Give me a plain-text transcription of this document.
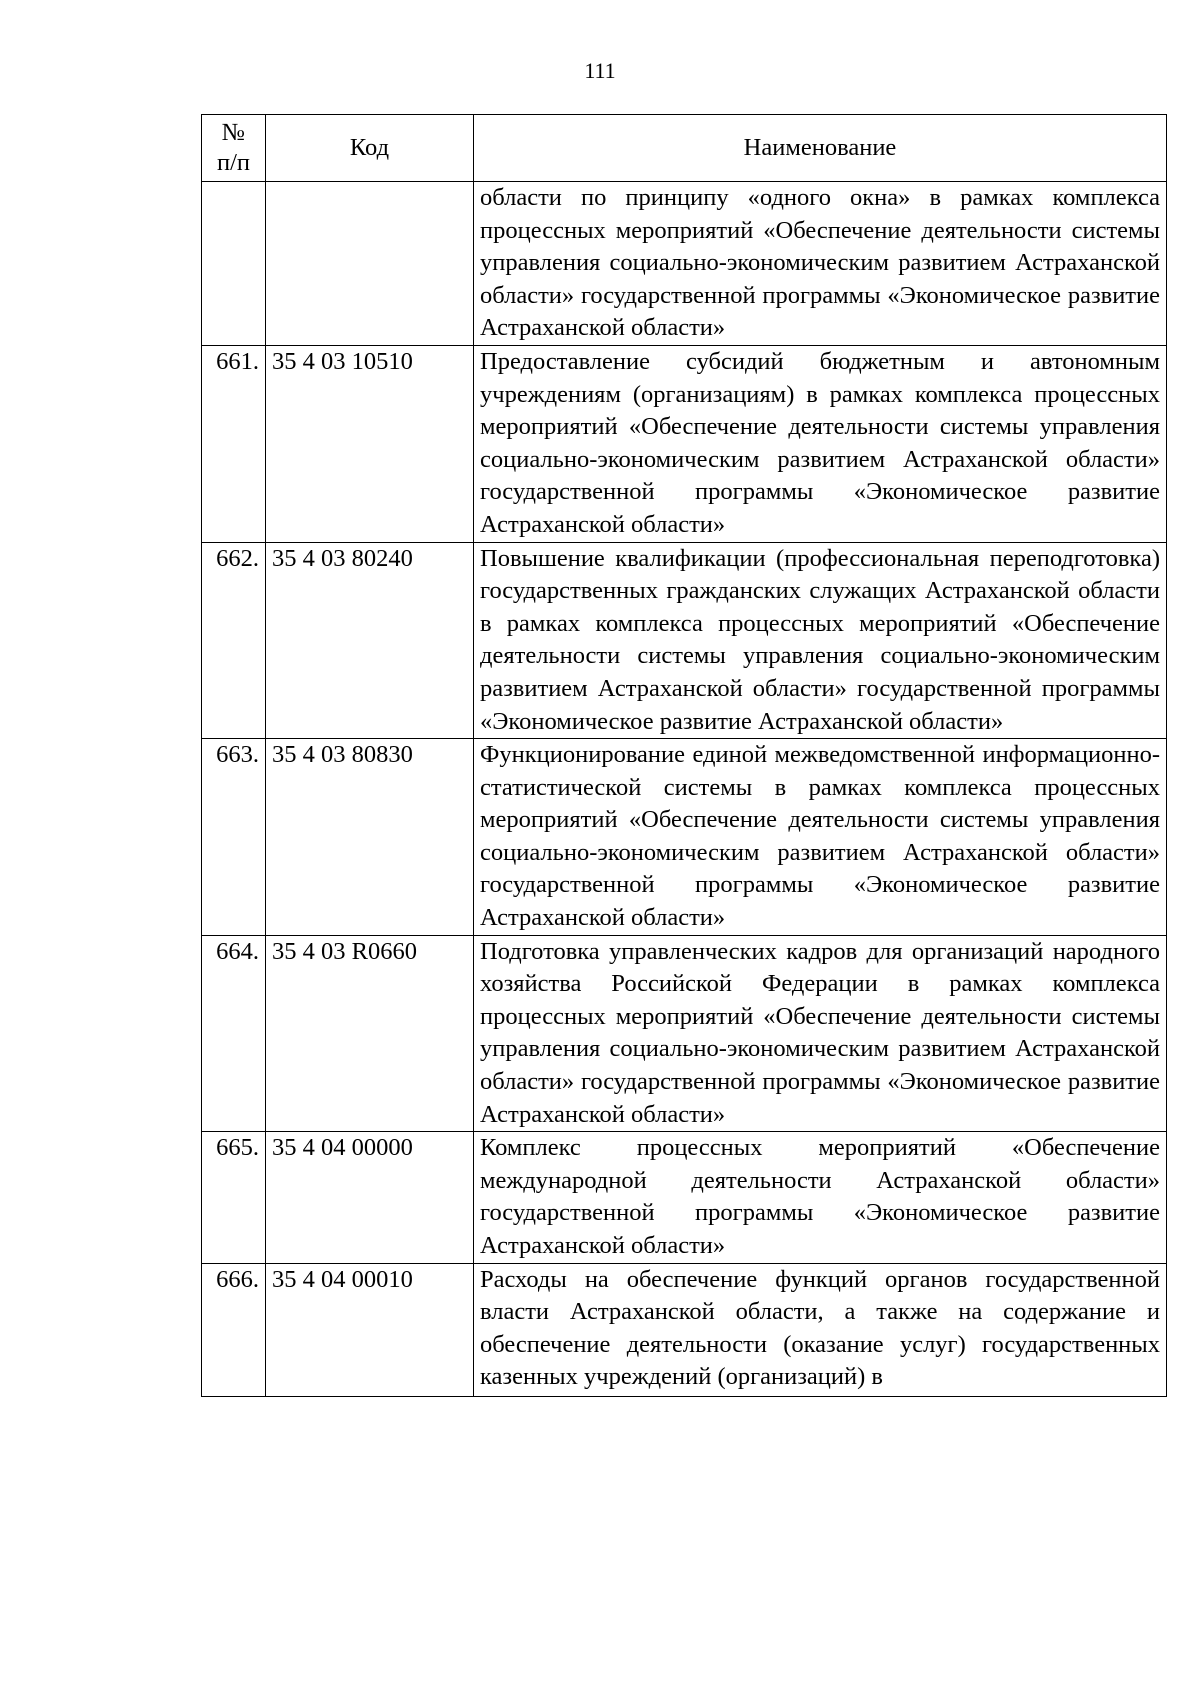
111
№
п/п	Код	Наименование
		области по принципу «одного окна» в рамках комплекса процессных мероприятий «Обеспечение деятельности системы управления социально-экономическим развитием Астраханской области» государственной программы «Экономическое развитие Астраханской области»
661.	35 4 03 10510	Предоставление субсидий бюджетным и автономным учреждениям (организациям) в рамках комплекса процессных мероприятий «Обеспечение деятельности системы управления социально-экономическим развитием Астраханской области» государственной программы «Экономическое развитие Астраханской области»
662.	35 4 03 80240	Повышение квалификации (профессиональная переподготовка) государственных гражданских служащих Астраханской области в рамках комплекса процессных мероприятий «Обеспечение деятельности системы управления социально-экономическим развитием Астраханской области» государственной программы «Экономическое развитие Астраханской области»
663.	35 4 03 80830	Функционирование единой межведомственной информационно-статистической системы в рамках комплекса процессных мероприятий «Обеспечение деятельности системы управления социально-экономическим развитием Астраханской области» государственной программы «Экономическое развитие Астраханской области»
664.	35 4 03 R0660	Подготовка управленческих кадров для организаций народного хозяйства Российской Федерации в рамках комплекса процессных мероприятий «Обеспечение деятельности системы управления социально-экономическим развитием Астраханской области» государственной программы «Экономическое развитие Астраханской области»
665.	35 4 04 00000	Комплекс процессных мероприятий «Обеспечение международной деятельности Астраханской области» государственной программы «Экономическое развитие Астраханской области»
666.	35 4 04 00010	Расходы на обеспечение функций органов государственной власти Астраханской области, а также на содержание и обеспечение деятельности (оказание услуг) государственных казенных учреждений (организаций) в
